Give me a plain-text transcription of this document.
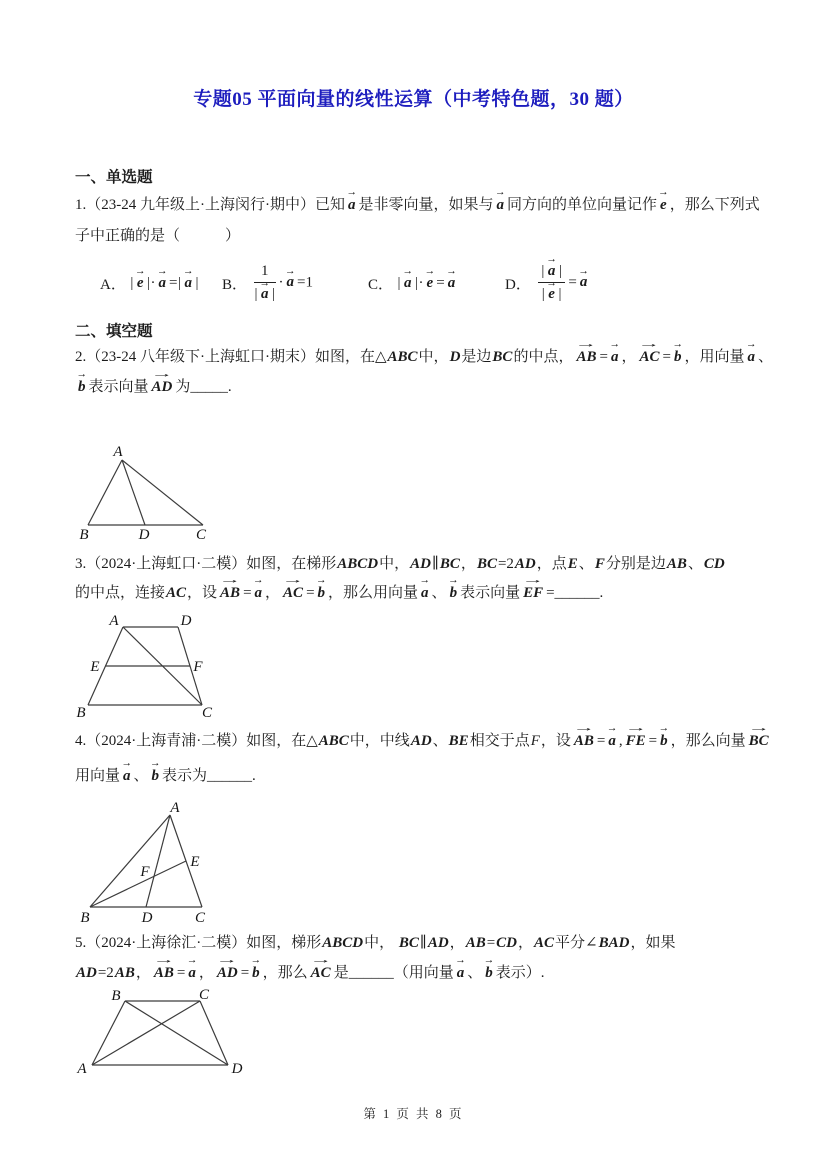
专题05 平面向量的线性运算（中考特色题，30 题）
一、单选题
1.（23-24 九年级上·上海闵行·期中）已知
→
a 是非零向量，如果与
→
a 同方向的单位向量记作
→
e ，那么下列式
子中正确的是（　　　）
A． |
→
e |·
→
a =|
→
a | B． 1
|
→
a | ·
→
a =1	C． |
→
a |·
→
e =
→
a	D． |
→
a |
|
→
e | =
→
a
二、填空题
2.（23-24 八年级下·上海虹口·期末）如图，在△ABC中，D是边BC的中点，
→
AB =
→
a ，
→
AC =
→
b ，用向量
→
a 、
→
b 表示向量
→
AD 为_____.
A
B	D	C
3.（2024·上海虹口·二模）如图，在梯形ABCD中，AD∥BC，BC=2AD，点E、F分别是边AB、CD
的中点，连接AC，设
→
AB =
→
a ，
→
AC =
→
b ，那么用向量
→
a 、
→
b 表示向量
→
EF =______.
A	D
E	F
B	C
4.（2024·上海青浦·二模）如图，在△ABC中，中线AD、BE相交于点F，设
→
AB =
→
a ,
→
FE =
→
b ，那么向量
→
BC
用向量
→
a 、
→
b 表示为______.
A
E
F
B	D	C
5.（2024·上海徐汇·二模）如图，梯形ABCD中， BC∥AD，AB=CD，AC平分∠BAD，如果
AD=2AB，
→
AB =
→
a ，
→
AD =
→
b ，那么
→
AC 是______（用向量
→
a 、
→
b 表示）.
B	C
A	D
第 1 页 共 8 页
